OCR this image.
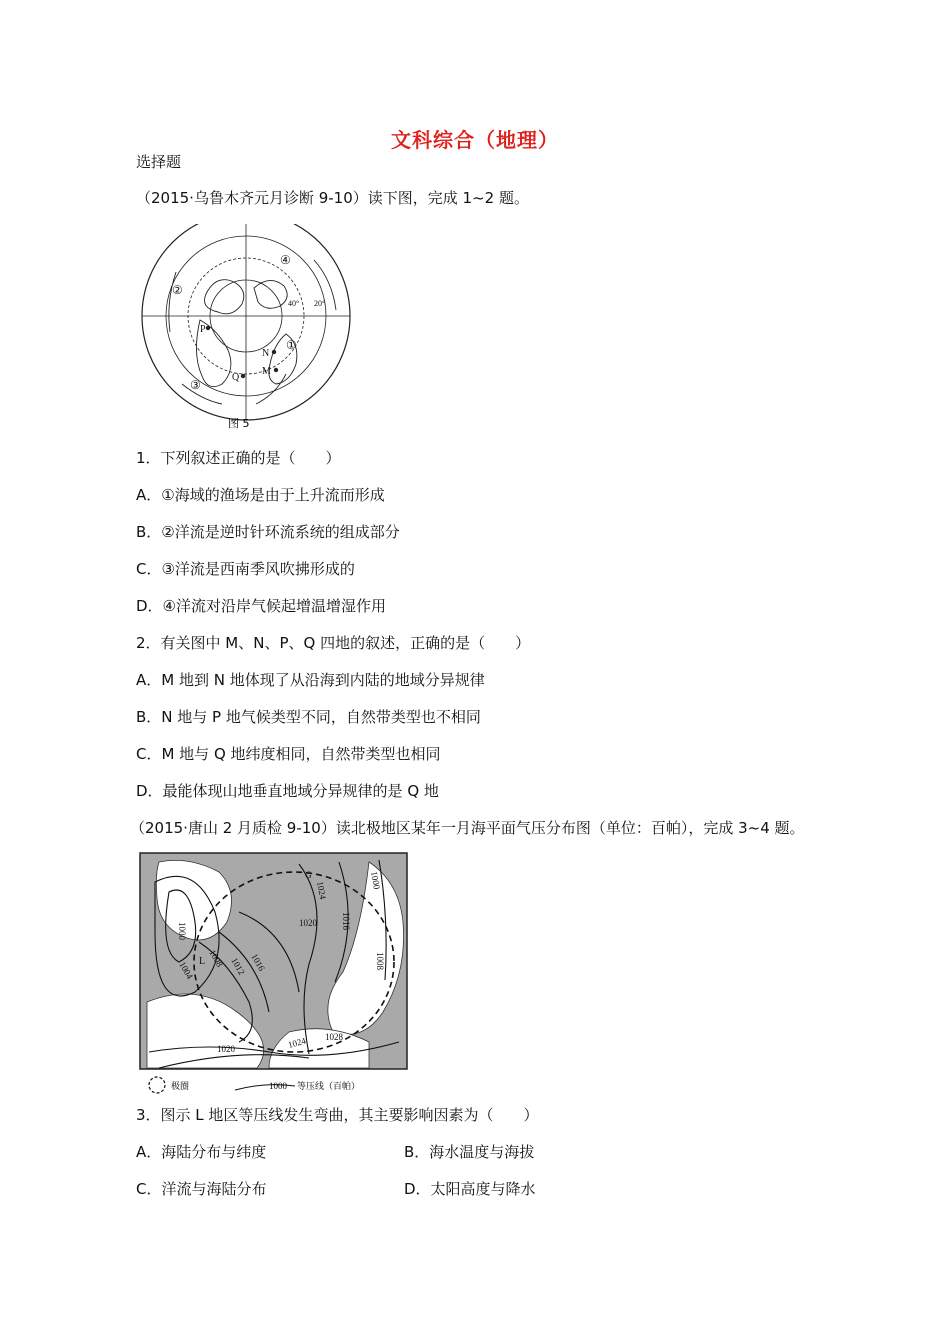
文科综合（地理）
选择题
（2015·乌鲁木齐元月诊断 9-10）读下图，完成 1~2 题。
①
②
③
④
N
M
P
Q
40° 20°
图 5
1．下列叙述正确的是（　　）
A．①海域的渔场是由于上升流而形成
B．②洋流是逆时针环流系统的组成部分
C．③洋流是西南季风吹拂形成的
D．④洋流对沿岸气候起增温增湿作用
2．有关图中 M、N、P、Q 四地的叙述，正确的是（　　）
A．M 地到 N 地体现了从沿海到内陆的地域分异规律
B．N 地与 P 地气候类型不同，自然带类型也不相同
C．M 地与 Q 地纬度相同，自然带类型也相同
D．最能体现山地垂直地域分异规律的是 Q 地
（2015·唐山 2 月质检 9-10）读北极地区某年一月海平面气压分布图（单位：百帕），完成 3~4 题。
1000
1004
1008 1012 1016
1020
1024
1028
1008
1000
1016
1024
1020
L
G
极圈	1000 等压线（百帕）
3．图示 L 地区等压线发生弯曲，其主要影响因素为（　　）
A．海陆分布与纬度	B．海水温度与海拔
C．洋流与海陆分布	D．太阳高度与降水
